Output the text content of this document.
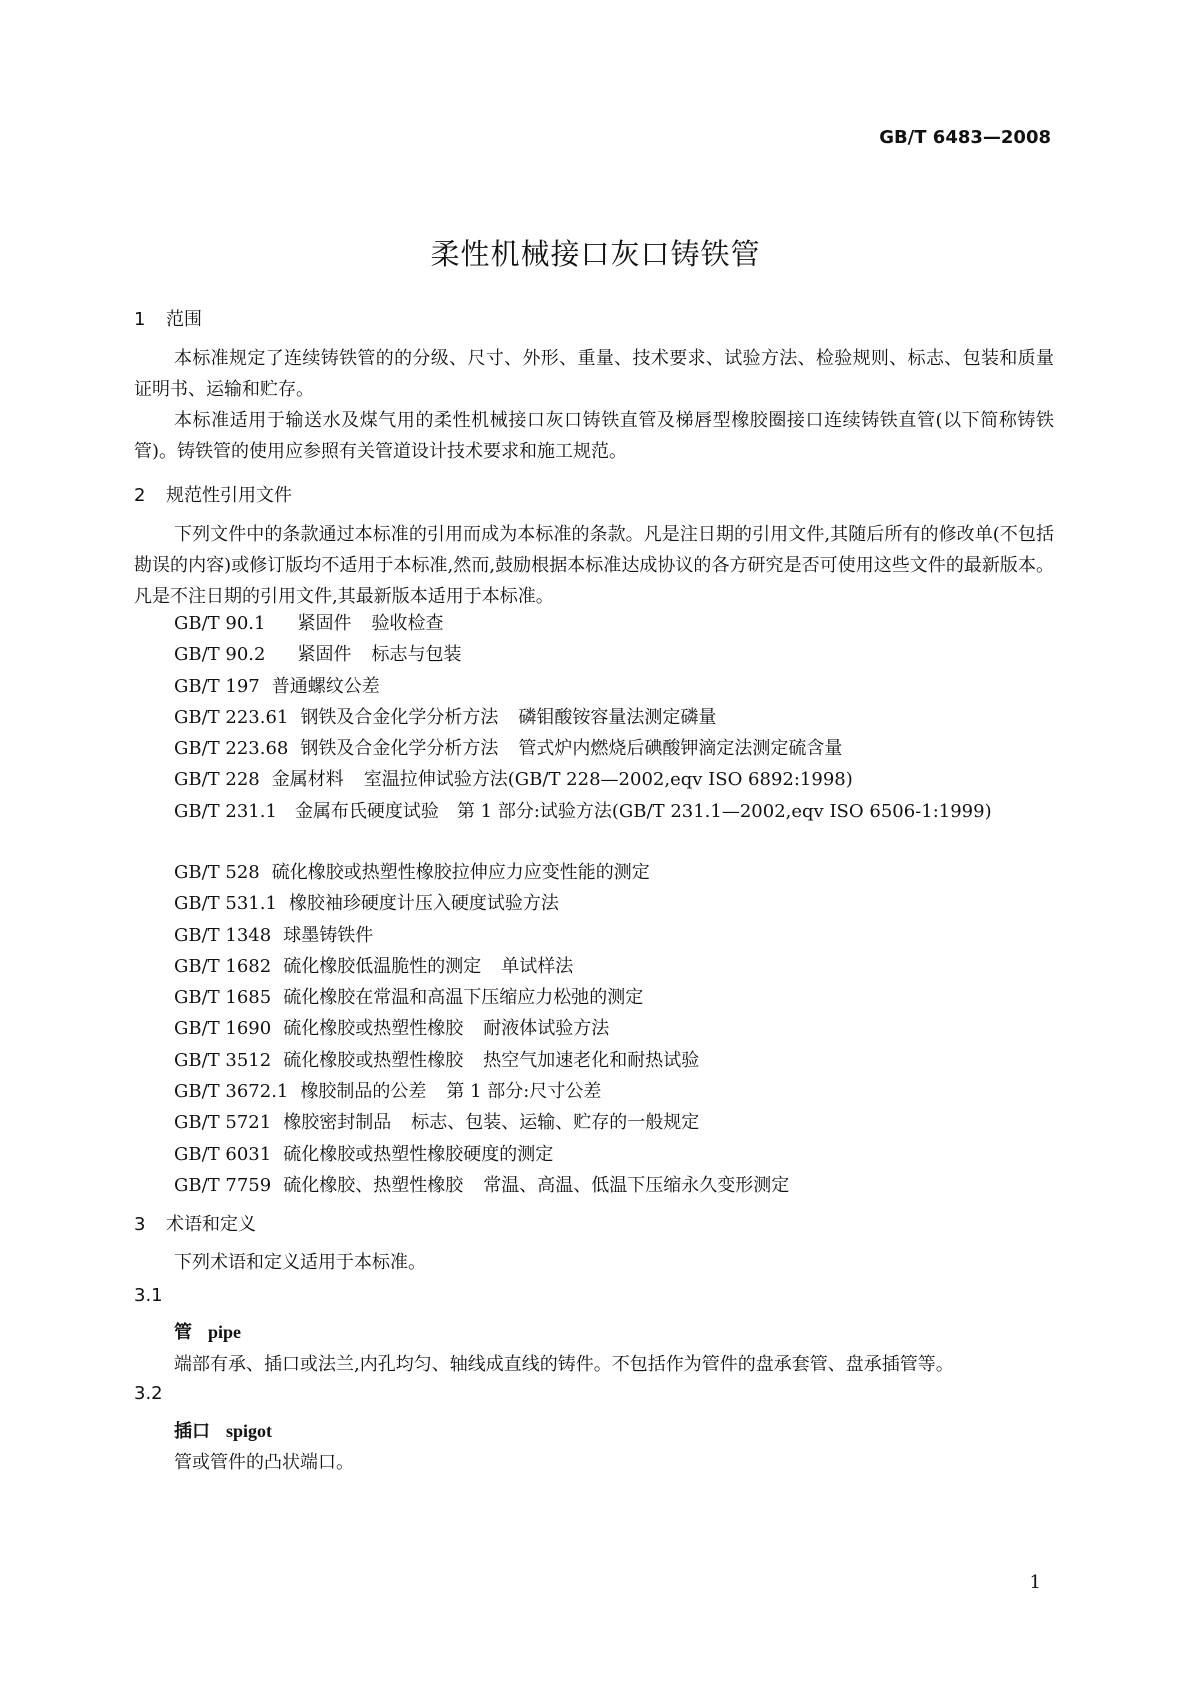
GB/T 6483—2008
柔性机械接口灰口铸铁管
1 范围

本标准规定了连续铸铁管的的分级、尺寸、外形、重量、技术要求、试验方法、检验规则、标志、包装和质量证明书、运输和贮存。

本标准适用于输送水及煤气用的柔性机械接口灰口铸铁直管及梯唇型橡胶圈接口连续铸铁直管(以下简称铸铁管)。铸铁管的使用应参照有关管道设计技术要求和施工规范。

2 规范性引用文件

下列文件中的条款通过本标准的引用而成为本标准的条款。凡是注日期的引用文件,其随后所有的修改单(不包括勘误的内容)或修订版均不适用于本标准,然而,鼓励根据本标准达成协议的各方研究是否可使用这些文件的最新版本。凡是不注日期的引用文件,其最新版本适用于本标准。

GB/T 90.1 紧固件 验收检查
GB/T 90.2 紧固件 标志与包装
GB/T 197 普通螺纹公差
GB/T 223.61 钢铁及合金化学分析方法 磷钼酸铵容量法测定磷量
GB/T 223.68 钢铁及合金化学分析方法 管式炉内燃烧后碘酸钾滴定法测定硫含量
GB/T 228 金属材料 室温拉伸试验方法(GB/T 228—2002,eqv ISO 6892:1998)

GB/T 231.1　 金属布氏硬度试验　第 1 部分:试验方法(GB/T 231.1—2002,eqv ISO 6506-1:1999)

GB/T 528 硫化橡胶或热塑性橡胶拉伸应力应变性能的测定
GB/T 531.1 橡胶袖珍硬度计压入硬度试验方法
GB/T 1348 球墨铸铁件
GB/T 1682 硫化橡胶低温脆性的测定 单试样法
GB/T 1685 硫化橡胶在常温和高温下压缩应力松弛的测定
GB/T 1690 硫化橡胶或热塑性橡胶 耐液体试验方法
GB/T 3512 硫化橡胶或热塑性橡胶 热空气加速老化和耐热试验
GB/T 3672.1 橡胶制品的公差 第 1 部分:尺寸公差
GB/T 5721 橡胶密封制品 标志、包装、运输、贮存的一般规定
GB/T 6031 硫化橡胶或热塑性橡胶硬度的测定
GB/T 7759 硫化橡胶、热塑性橡胶 常温、高温、低温下压缩永久变形测定
3 术语和定义

下列术语和定义适用于本标准。

3.1
管 pipe
端部有承、插口或法兰,内孔均匀、轴线成直线的铸件。不包括作为管件的盘承套管、盘承插管等。
3.2
插口 spigot
管或管件的凸状端口。
1
